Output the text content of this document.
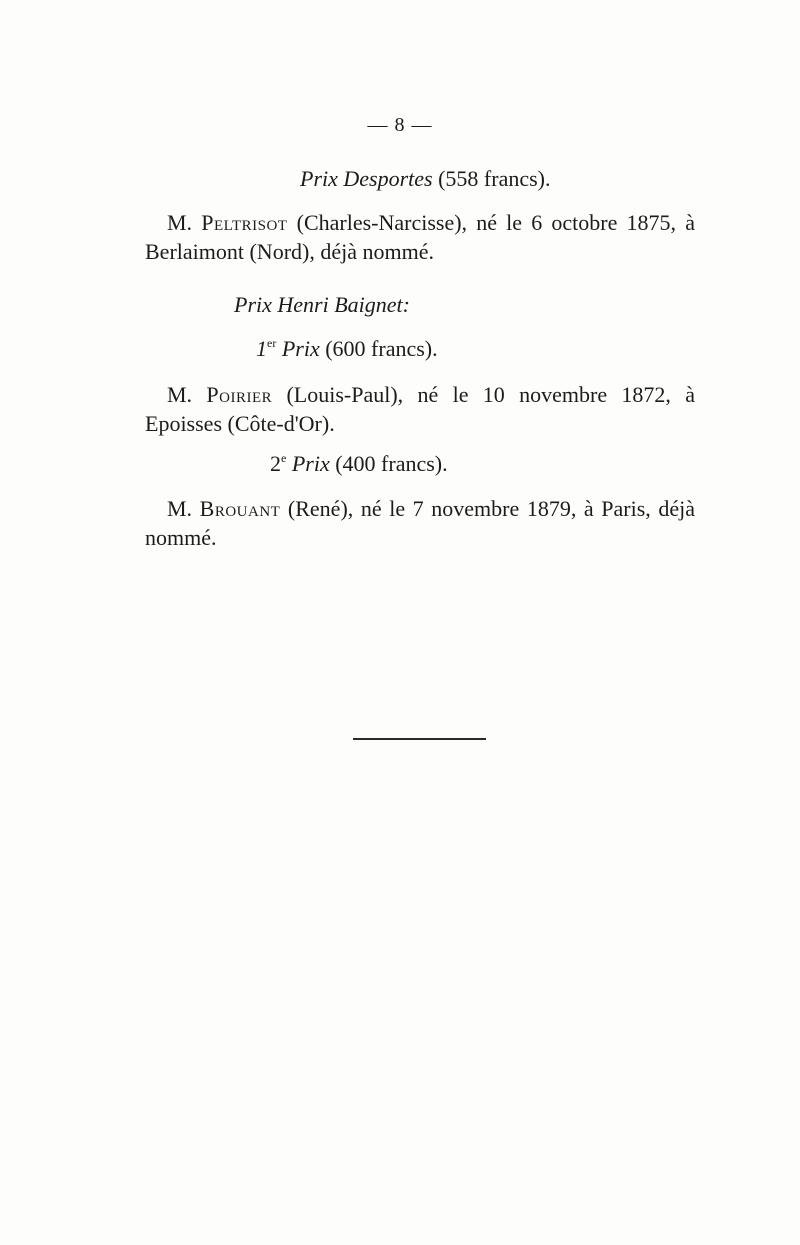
— 8 —
Prix Desportes (558 francs).
M. Peltrisot (Charles-Narcisse), né le 6 octobre 1875, à
Berlaimont (Nord), déjà nommé.
Prix Henri Baignet:
1er Prix (600 francs).
M. Poirier (Louis-Paul), né le 10 novembre 1872, à
Epoisses (Côte-d'Or).
2e Prix (400 francs).
M. Brouant (René), né le 7 novembre 1879, à Paris, déjà
nommé.
